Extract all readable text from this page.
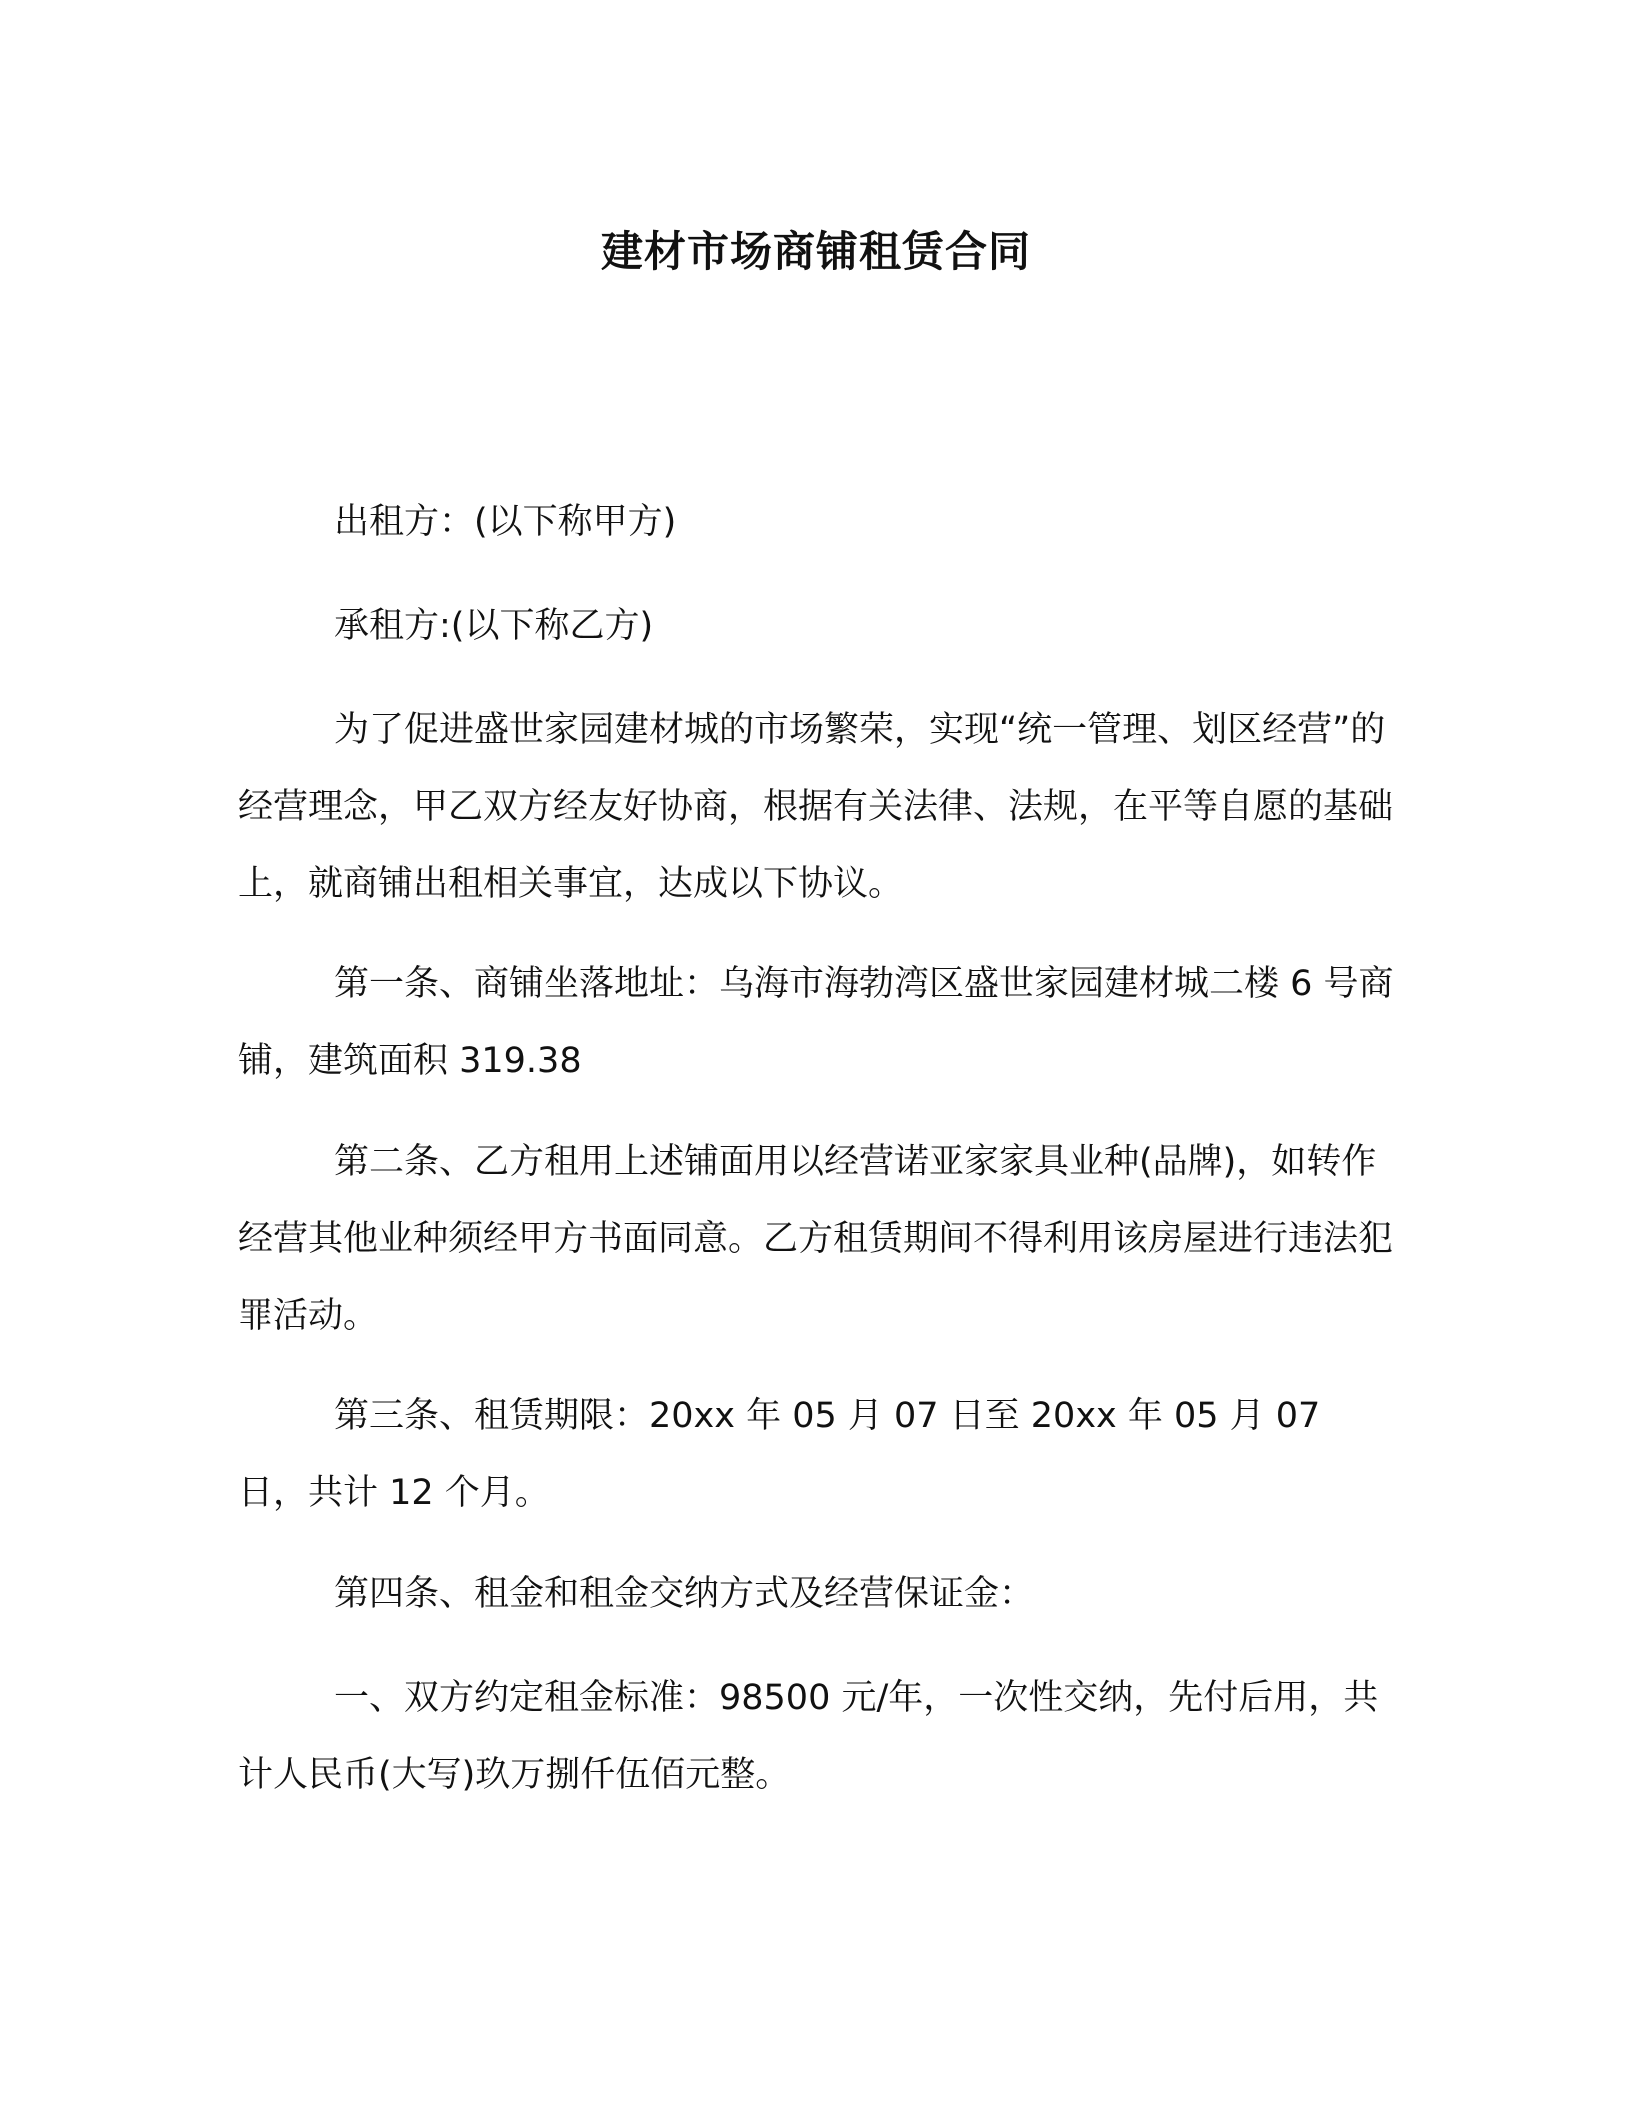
建材市场商铺租赁合同

出租方：(以下称甲方)

承租方:(以下称乙方)

为了促进盛世家园建材城的市场繁荣，实现“统一管理、划区经营”的经营理念，甲乙双方经友好协商，根据有关法律、法规，在平等自愿的基础上，就商铺出租相关事宜，达成以下协议。

第一条、商铺坐落地址：乌海市海勃湾区盛世家园建材城二楼 6 号商铺，建筑面积 319.38

第二条、乙方租用上述铺面用以经营诺亚家家具业种(品牌)，如转作经营其他业种须经甲方书面同意。乙方租赁期间不得利用该房屋进行违法犯罪活动。

第三条、租赁期限：20xx 年 05 月 07 日至 20xx 年 05 月 07 日，共计 12 个月。

第四条、租金和租金交纳方式及经营保证金：

一、双方约定租金标准：98500 元/年，一次性交纳，先付后用，共计人民币(大写)玖万捌仟伍佰元整。
